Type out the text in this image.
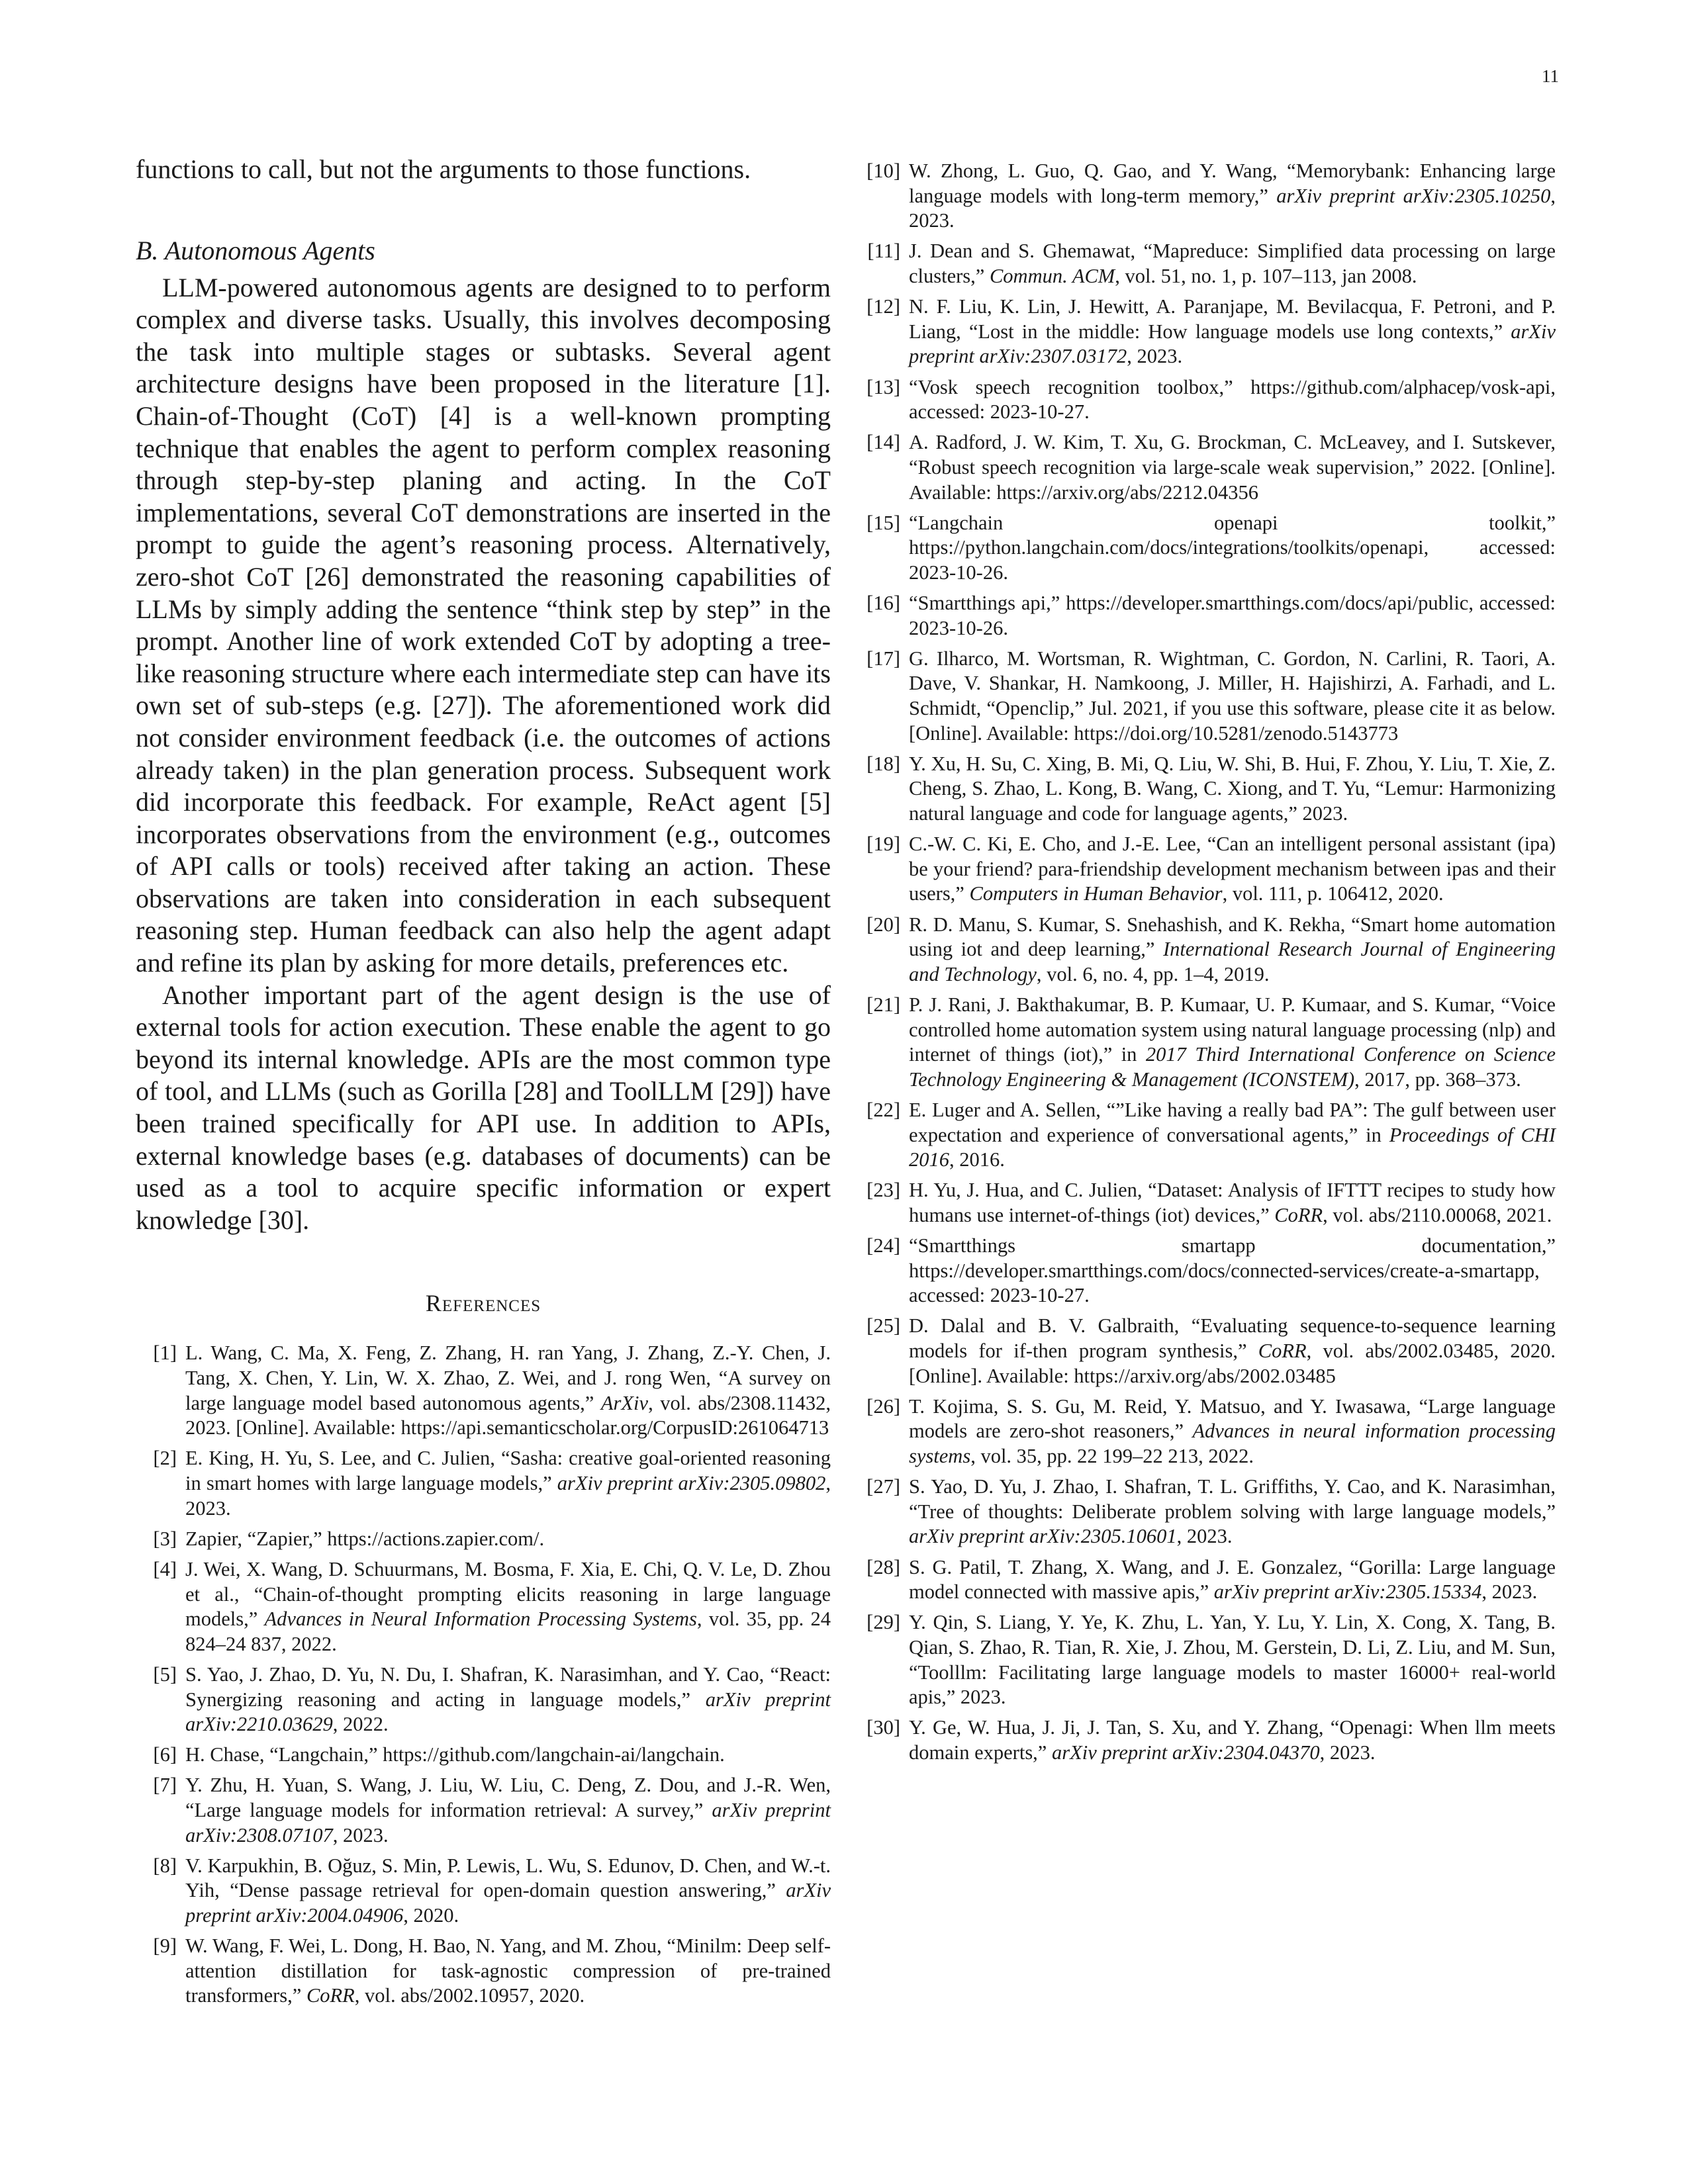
11

functions to call, but not the arguments to those functions.

B. Autonomous Agents

LLM-powered autonomous agents are designed to to perform complex and diverse tasks. Usually, this involves decomposing the task into multiple stages or subtasks. Several agent architecture designs have been proposed in the literature [1]. Chain-of-Thought (CoT) [4] is a well-known prompting technique that enables the agent to perform complex reasoning through step-by-step planing and acting. In the CoT implementations, several CoT demonstrations are inserted in the prompt to guide the agent’s reasoning process. Alternatively, zero-shot CoT [26] demonstrated the reasoning capabilities of LLMs by simply adding the sentence “think step by step” in the prompt. Another line of work extended CoT by adopting a tree-like reasoning structure where each intermediate step can have its own set of sub-steps (e.g. [27]). The aforementioned work did not consider environment feedback (i.e. the outcomes of actions already taken) in the plan generation process. Subsequent work did incorporate this feedback. For example, ReAct agent [5] incorporates observations from the environment (e.g., outcomes of API calls or tools) received after taking an action. These observations are taken into consideration in each subsequent reasoning step. Human feedback can also help the agent adapt and refine its plan by asking for more details, preferences etc.

Another important part of the agent design is the use of external tools for action execution. These enable the agent to go beyond its internal knowledge. APIs are the most common type of tool, and LLMs (such as Gorilla [28] and ToolLLM [29]) have been trained specifically for API use. In addition to APIs, external knowledge bases (e.g. databases of documents) can be used as a tool to acquire specific information or expert knowledge [30].

References
[1] L. Wang, C. Ma, X. Feng, Z. Zhang, H. ran Yang, J. Zhang, Z.-Y. Chen, J. Tang, X. Chen, Y. Lin, W. X. Zhao, Z. Wei, and J. rong Wen, “A survey on large language model based autonomous agents,” ArXiv, vol. abs/2308.11432, 2023. [Online]. Available: https://api.semanticscholar.org/CorpusID:261064713
[2] E. King, H. Yu, S. Lee, and C. Julien, “Sasha: creative goal-oriented reasoning in smart homes with large language models,” arXiv preprint arXiv:2305.09802, 2023.
[3] Zapier, “Zapier,” https://actions.zapier.com/.
[4] J. Wei, X. Wang, D. Schuurmans, M. Bosma, F. Xia, E. Chi, Q. V. Le, D. Zhou et al., “Chain-of-thought prompting elicits reasoning in large language models,” Advances in Neural Information Processing Systems, vol. 35, pp. 24 824–24 837, 2022.
[5] S. Yao, J. Zhao, D. Yu, N. Du, I. Shafran, K. Narasimhan, and Y. Cao, “React: Synergizing reasoning and acting in language models,” arXiv preprint arXiv:2210.03629, 2022.
[6] H. Chase, “Langchain,” https://github.com/langchain-ai/langchain.
[7] Y. Zhu, H. Yuan, S. Wang, J. Liu, W. Liu, C. Deng, Z. Dou, and J.-R. Wen, “Large language models for information retrieval: A survey,” arXiv preprint arXiv:2308.07107, 2023.
[8] V. Karpukhin, B. Oğuz, S. Min, P. Lewis, L. Wu, S. Edunov, D. Chen, and W.-t. Yih, “Dense passage retrieval for open-domain question answering,” arXiv preprint arXiv:2004.04906, 2020.
[9] W. Wang, F. Wei, L. Dong, H. Bao, N. Yang, and M. Zhou, “Minilm: Deep self-attention distillation for task-agnostic compression of pre-trained transformers,” CoRR, vol. abs/2002.10957, 2020.
[10] W. Zhong, L. Guo, Q. Gao, and Y. Wang, “Memorybank: Enhancing large language models with long-term memory,” arXiv preprint arXiv:2305.10250, 2023.
[11] J. Dean and S. Ghemawat, “Mapreduce: Simplified data processing on large clusters,” Commun. ACM, vol. 51, no. 1, p. 107–113, jan 2008.
[12] N. F. Liu, K. Lin, J. Hewitt, A. Paranjape, M. Bevilacqua, F. Petroni, and P. Liang, “Lost in the middle: How language models use long contexts,” arXiv preprint arXiv:2307.03172, 2023.
[13] “Vosk speech recognition toolbox,” https://github.com/alphacep/vosk-api, accessed: 2023-10-27.
[14] A. Radford, J. W. Kim, T. Xu, G. Brockman, C. McLeavey, and I. Sutskever, “Robust speech recognition via large-scale weak supervision,” 2022. [Online]. Available: https://arxiv.org/abs/2212.04356
[15] “Langchain openapi toolkit,” https://python.langchain.com/docs/integrations/toolkits/openapi, accessed: 2023-10-26.
[16] “Smartthings api,” https://developer.smartthings.com/docs/api/public, accessed: 2023-10-26.
[17] G. Ilharco, M. Wortsman, R. Wightman, C. Gordon, N. Carlini, R. Taori, A. Dave, V. Shankar, H. Namkoong, J. Miller, H. Hajishirzi, A. Farhadi, and L. Schmidt, “Openclip,” Jul. 2021, if you use this software, please cite it as below. [Online]. Available: https://doi.org/10.5281/zenodo.5143773
[18] Y. Xu, H. Su, C. Xing, B. Mi, Q. Liu, W. Shi, B. Hui, F. Zhou, Y. Liu, T. Xie, Z. Cheng, S. Zhao, L. Kong, B. Wang, C. Xiong, and T. Yu, “Lemur: Harmonizing natural language and code for language agents,” 2023.
[19] C.-W. C. Ki, E. Cho, and J.-E. Lee, “Can an intelligent personal assistant (ipa) be your friend? para-friendship development mechanism between ipas and their users,” Computers in Human Behavior, vol. 111, p. 106412, 2020.
[20] R. D. Manu, S. Kumar, S. Snehashish, and K. Rekha, “Smart home automation using iot and deep learning,” International Research Journal of Engineering and Technology, vol. 6, no. 4, pp. 1–4, 2019.
[21] P. J. Rani, J. Bakthakumar, B. P. Kumaar, U. P. Kumaar, and S. Kumar, “Voice controlled home automation system using natural language processing (nlp) and internet of things (iot),” in 2017 Third International Conference on Science Technology Engineering & Management (ICONSTEM), 2017, pp. 368–373.
[22] E. Luger and A. Sellen, “”Like having a really bad PA”: The gulf between user expectation and experience of conversational agents,” in Proceedings of CHI 2016, 2016.
[23] H. Yu, J. Hua, and C. Julien, “Dataset: Analysis of IFTTT recipes to study how humans use internet-of-things (iot) devices,” CoRR, vol. abs/2110.00068, 2021.
[24] “Smartthings smartapp documentation,” https://developer.smartthings.com/docs/connected-services/create-a-smartapp, accessed: 2023-10-27.
[25] D. Dalal and B. V. Galbraith, “Evaluating sequence-to-sequence learning models for if-then program synthesis,” CoRR, vol. abs/2002.03485, 2020. [Online]. Available: https://arxiv.org/abs/2002.03485
[26] T. Kojima, S. S. Gu, M. Reid, Y. Matsuo, and Y. Iwasawa, “Large language models are zero-shot reasoners,” Advances in neural information processing systems, vol. 35, pp. 22 199–22 213, 2022.
[27] S. Yao, D. Yu, J. Zhao, I. Shafran, T. L. Griffiths, Y. Cao, and K. Narasimhan, “Tree of thoughts: Deliberate problem solving with large language models,” arXiv preprint arXiv:2305.10601, 2023.
[28] S. G. Patil, T. Zhang, X. Wang, and J. E. Gonzalez, “Gorilla: Large language model connected with massive apis,” arXiv preprint arXiv:2305.15334, 2023.
[29] Y. Qin, S. Liang, Y. Ye, K. Zhu, L. Yan, Y. Lu, Y. Lin, X. Cong, X. Tang, B. Qian, S. Zhao, R. Tian, R. Xie, J. Zhou, M. Gerstein, D. Li, Z. Liu, and M. Sun, “Toolllm: Facilitating large language models to master 16000+ real-world apis,” 2023.
[30] Y. Ge, W. Hua, J. Ji, J. Tan, S. Xu, and Y. Zhang, “Openagi: When llm meets domain experts,” arXiv preprint arXiv:2304.04370, 2023.
